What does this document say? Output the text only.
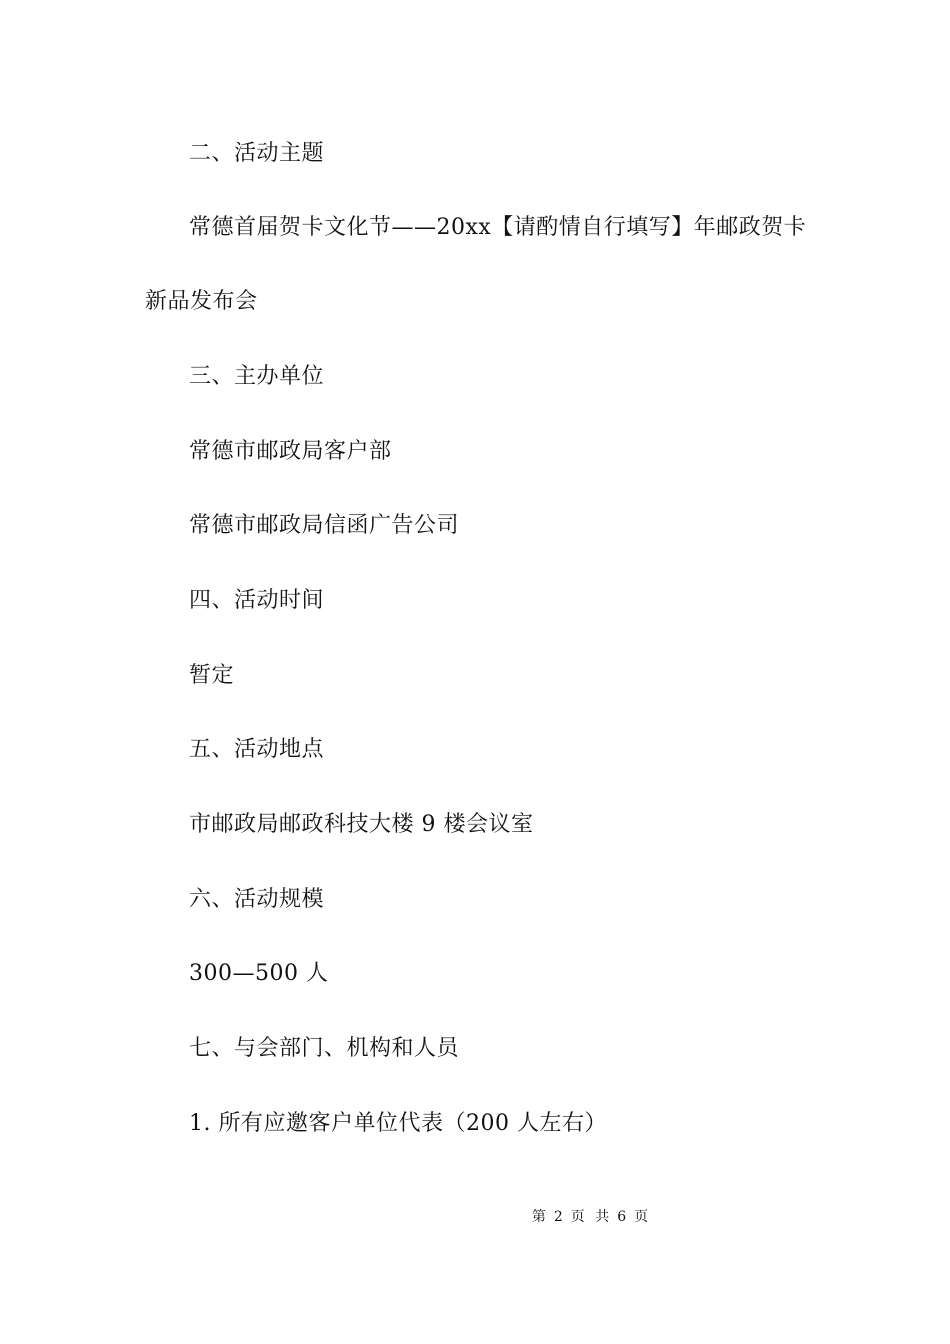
二、活动主题
常德首届贺卡文化节——20xx【请酌情自行填写】年邮政贺卡
新品发布会
三、主办单位
常德市邮政局客户部
常德市邮政局信函广告公司
四、活动时间
暂定
五、活动地点
市邮政局邮政科技大楼 9 楼会议室
六、活动规模
300—500 人
七、与会部门、机构和人员
1. 所有应邀客户单位代表（200 人左右）
第 2 页 共 6 页
